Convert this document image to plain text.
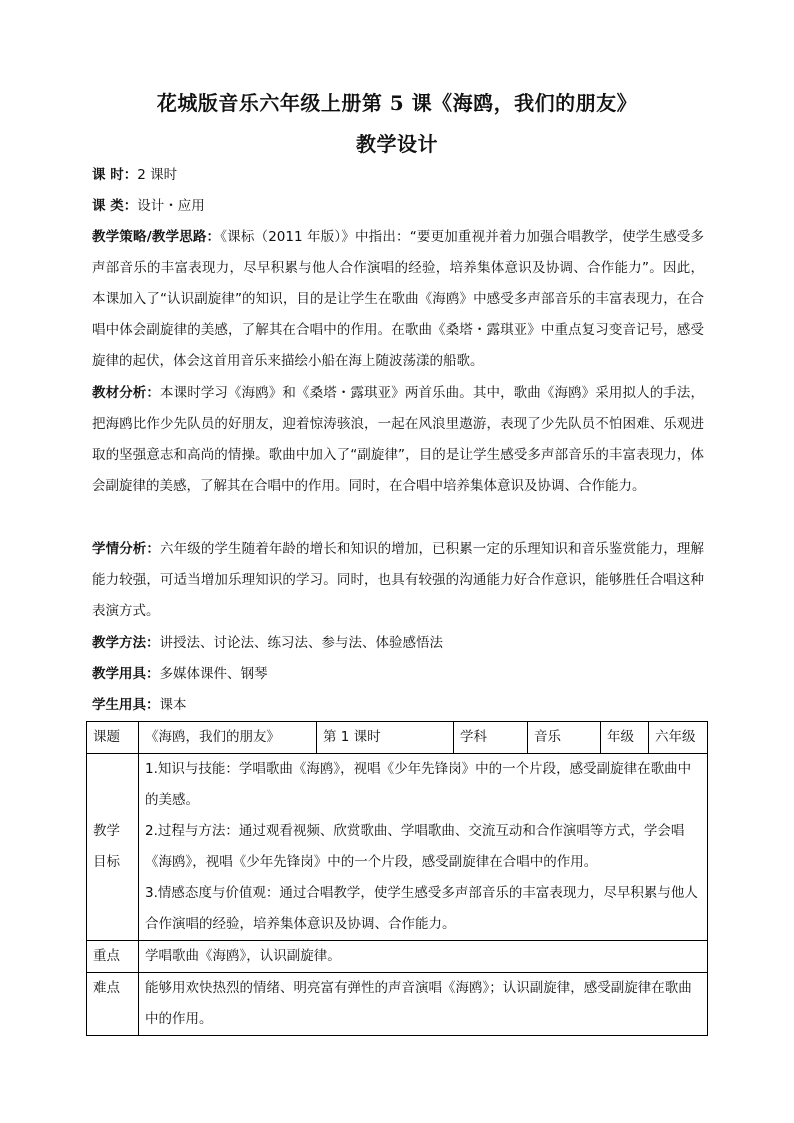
花城版音乐六年级上册第 5 课《海鸥，我们的朋友》
教学设计

课 时：2 课时

课 类：设计・应用

教学策略/教学思路：《课标（2011 年版）》中指出：“要更加重视并着力加强合唱教学，使学生感受多声部音乐的丰富表现力，尽早积累与他人合作演唱的经验，培养集体意识及协调、合作能力”。因此，本课加入了“认识副旋律”的知识，目的是让学生在歌曲《海鸥》中感受多声部音乐的丰富表现力，在合唱中体会副旋律的美感，了解其在合唱中的作用。在歌曲《桑塔・露琪亚》中重点复习变音记号，感受旋律的起伏，体会这首用音乐来描绘小船在海上随波荡漾的船歌。

教材分析：本课时学习《海鸥》和《桑塔・露琪亚》两首乐曲。其中，歌曲《海鸥》采用拟人的手法，把海鸥比作少先队员的好朋友，迎着惊涛骇浪，一起在风浪里遨游，表现了少先队员不怕困难、乐观进取的坚强意志和高尚的情操。歌曲中加入了“副旋律”，目的是让学生感受多声部音乐的丰富表现力，体会副旋律的美感，了解其在合唱中的作用。同时，在合唱中培养集体意识及协调、合作能力。

学情分析：六年级的学生随着年龄的增长和知识的增加，已积累一定的乐理知识和音乐鉴赏能力，理解能力较强，可适当增加乐理知识的学习。同时，也具有较强的沟通能力好合作意识，能够胜任合唱这种表演方式。

教学方法：讲授法、讨论法、练习法、参与法、体验感悟法

教学用具：多媒体课件、钢琴

学生用具：课本

课题	《海鸥，我们的朋友》	第 1 课时	学科	音乐	年级	六年级
教学目标	1.知识与技能：学唱歌曲《海鸥》，视唱《少年先锋岗》中的一个片段，感受副旋律在歌曲中的美感。
2.过程与方法：通过观看视频、欣赏歌曲、学唱歌曲、交流互动和合作演唱等方式，学会唱《海鸥》，视唱《少年先锋岗》中的一个片段，感受副旋律在合唱中的作用。
3.情感态度与价值观：通过合唱教学，使学生感受多声部音乐的丰富表现力，尽早积累与他人合作演唱的经验，培养集体意识及协调、合作能力。					

重点	学唱歌曲《海鸥》，认识副旋律。					
难点	能够用欢快热烈的情绪、明亮富有弹性的声音演唱《海鸥》；认识副旋律，感受副旋律在歌曲中的作用。					
